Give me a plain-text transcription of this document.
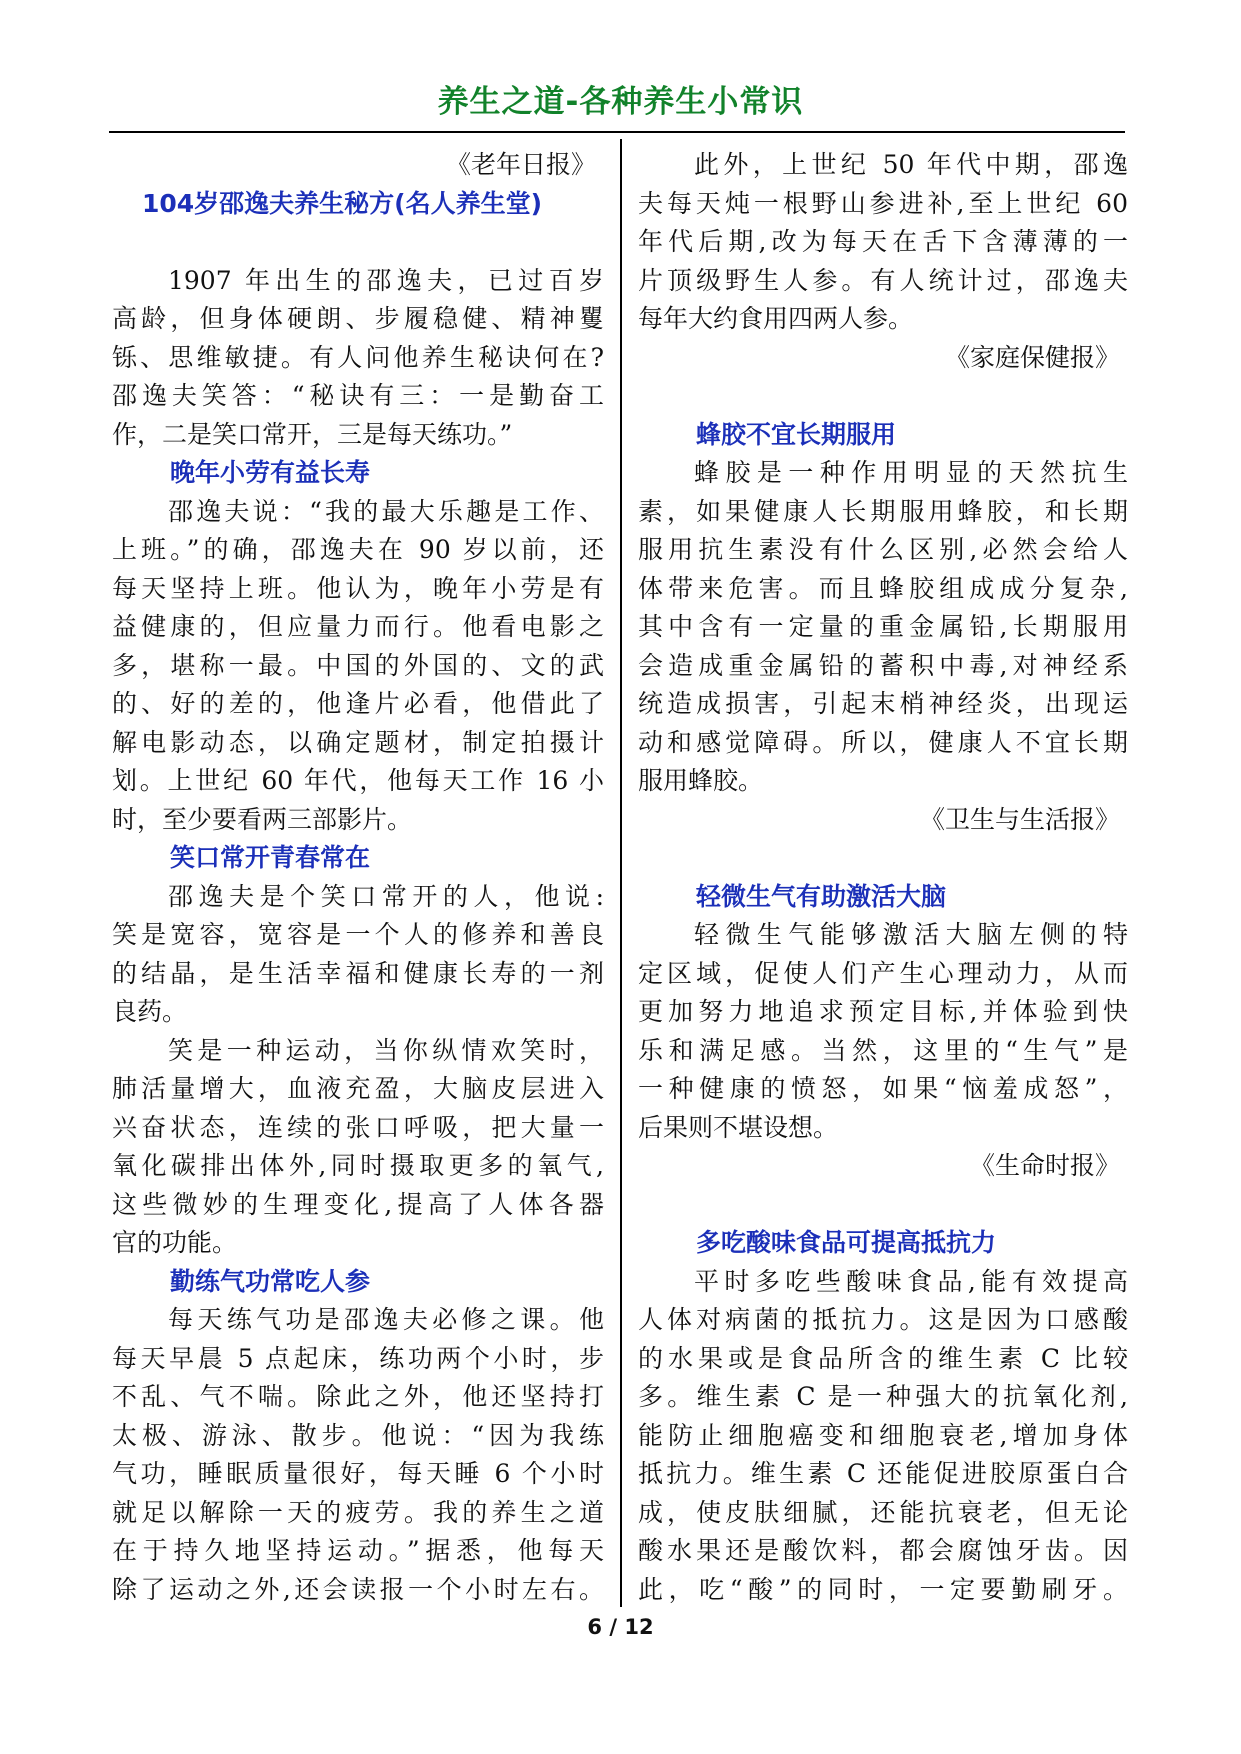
养生之道-各种养生小常识
《老年日报》
104岁邵逸夫养生秘方(名人养生堂)
1907 年出生的邵逸夫，已过百岁
高龄，但身体硬朗、步履稳健、精神矍
铄、思维敏捷。有人问他养生秘诀何在?
邵逸夫笑答：“秘诀有三：一是勤奋工
作，二是笑口常开，三是每天练功。”
晚年小劳有益长寿
邵逸夫说：“我的最大乐趣是工作、
上班。”的确，邵逸夫在 90 岁以前，还
每天坚持上班。他认为，晚年小劳是有
益健康的，但应量力而行。他看电影之
多，堪称一最。中国的外国的、文的武
的、好的差的，他逢片必看，他借此了
解电影动态，以确定题材，制定拍摄计
划。上世纪 60 年代，他每天工作 16 小
时，至少要看两三部影片。
笑口常开青春常在
邵逸夫是个笑口常开的人，他说:
笑是宽容，宽容是一个人的修养和善良
的结晶，是生活幸福和健康长寿的一剂
良药。
笑是一种运动，当你纵情欢笑时，
肺活量增大，血液充盈，大脑皮层进入
兴奋状态，连续的张口呼吸，把大量一
氧化碳排出体外,同时摄取更多的氧气,
这些微妙的生理变化,提高了人体各器
官的功能。
勤练气功常吃人参
每天练气功是邵逸夫必修之课。他
每天早晨 5 点起床，练功两个小时，步
不乱、气不喘。除此之外，他还坚持打
太极、游泳、散步。他说：“因为我练
气功，睡眠质量很好，每天睡 6 个小时
就足以解除一天的疲劳。我的养生之道
在于持久地坚持运动。”据悉，他每天
除了运动之外,还会读报一个小时左右。
此外，上世纪 50 年代中期，邵逸
夫每天炖一根野山参进补,至上世纪 60
年代后期,改为每天在舌下含薄薄的一
片顶级野生人参。有人统计过，邵逸夫
每年大约食用四两人参。
《家庭保健报》
蜂胶不宜长期服用
蜂胶是一种作用明显的天然抗生
素，如果健康人长期服用蜂胶，和长期
服用抗生素没有什么区别,必然会给人
体带来危害。而且蜂胶组成成分复杂,
其中含有一定量的重金属铅,长期服用
会造成重金属铅的蓄积中毒,对神经系
统造成损害，引起末梢神经炎，出现运
动和感觉障碍。所以，健康人不宜长期
服用蜂胶。
《卫生与生活报》
轻微生气有助激活大脑
轻微生气能够激活大脑左侧的特
定区域，促使人们产生心理动力，从而
更加努力地追求预定目标,并体验到快
乐和满足感。当然，这里的“生气”是
一种健康的愤怒，如果“恼羞成怒”，
后果则不堪设想。
《生命时报》
多吃酸味食品可提高抵抗力
平时多吃些酸味食品,能有效提高
人体对病菌的抵抗力。这是因为口感酸
的水果或是食品所含的维生素 C 比较
多。维生素 C 是一种强大的抗氧化剂,
能防止细胞癌变和细胞衰老,增加身体
抵抗力。维生素 C 还能促进胶原蛋白合
成，使皮肤细腻，还能抗衰老，但无论
酸水果还是酸饮料，都会腐蚀牙齿。因
此，吃“酸”的同时，一定要勤刷牙。
6 / 12
